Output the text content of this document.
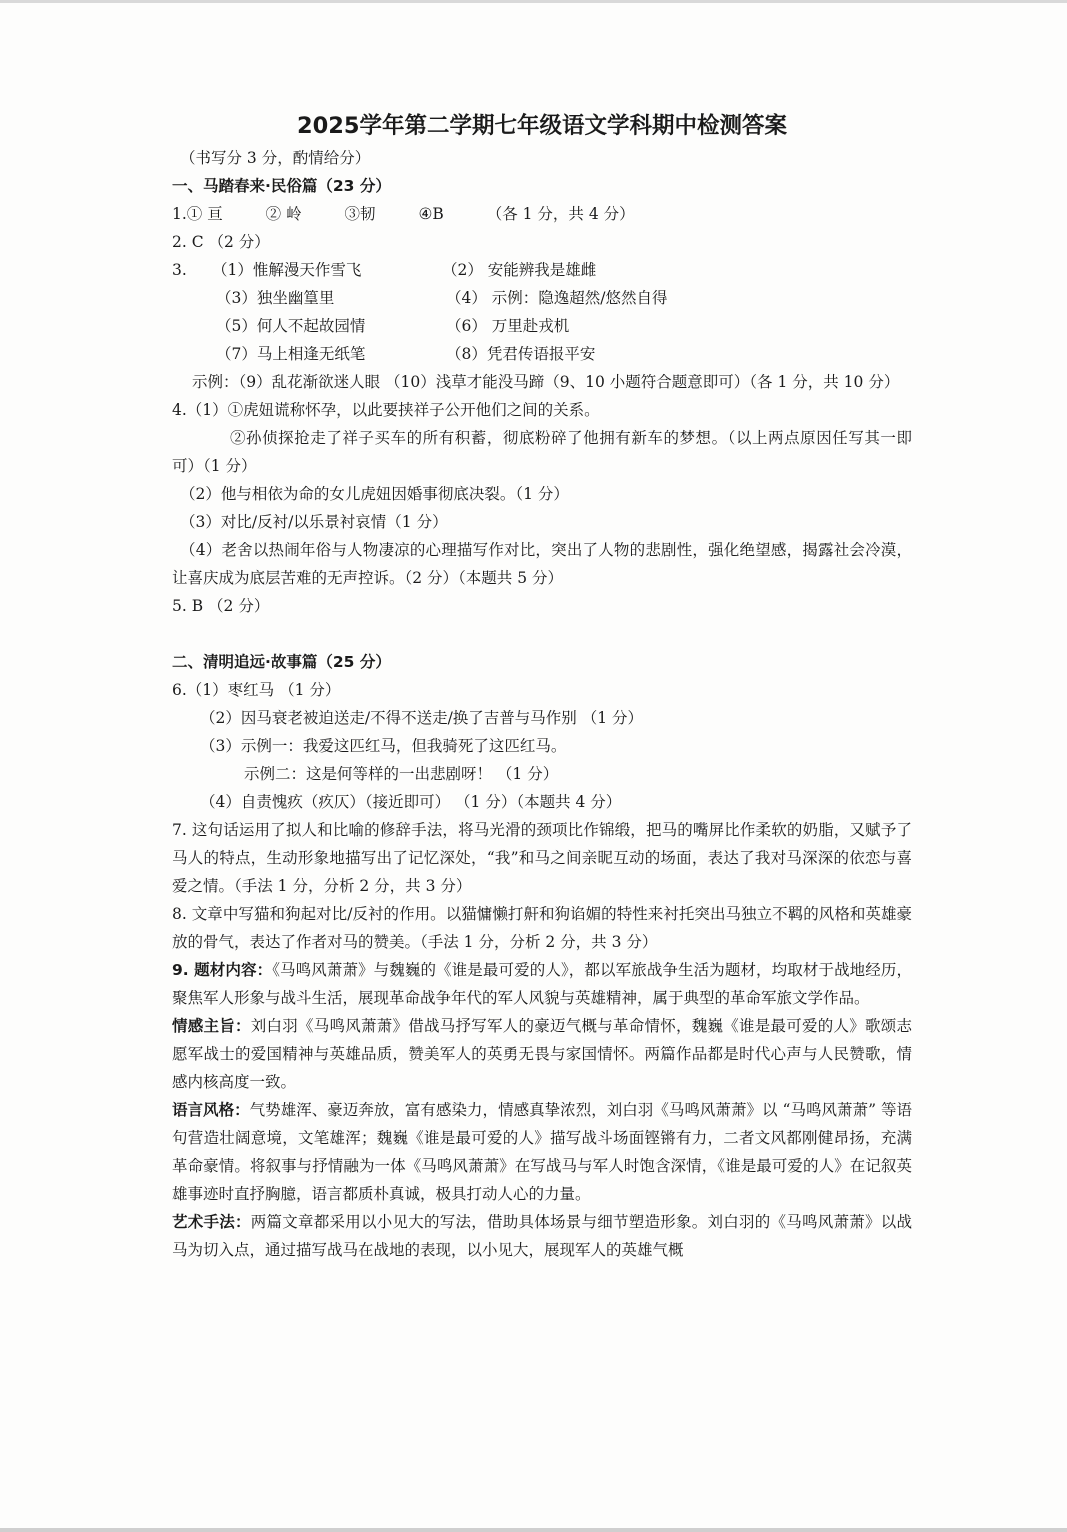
2025学年第二学期七年级语文学科期中检测答案
（书写分 3 分，酌情给分）
一、马踏春来·民俗篇（23 分）
1.① 亘	② 岭	③韧	④B	（各 1 分，共 4 分）
2. C （2 分）
3. （1）惟解漫天作雪飞	（2） 安能辨我是雄雌
（3）独坐幽篁里	（4） 示例：隐逸超然/悠然自得
（5）何人不起故园情	（6） 万里赴戎机
（7）马上相逢无纸笔	（8）凭君传语报平安

示例：（9）乱花渐欲迷人眼 （10）浅草才能没马蹄（9、10 小题符合题意即可）（各 1 分，共 10 分）

4.（1）①虎妞谎称怀孕，以此要挟祥子公开他们之间的关系。

②孙侦探抢走了祥子买车的所有积蓄，彻底粉碎了他拥有新车的梦想。（以上两点原因任写其一即可）（1 分）

（2）他与相依为命的女儿虎妞因婚事彻底决裂。（1 分）
（3）对比/反衬/以乐景衬哀情（1 分）

（4）老舍以热闹年俗与人物凄凉的心理描写作对比，突出了人物的悲剧性，强化绝望感，揭露社会冷漠，让喜庆成为底层苦难的无声控诉。（2 分）（本题共 5 分）

5. B （2 分）
二、清明追远·故事篇（25 分）
6.（1）枣红马 （1 分）
（2）因马衰老被迫送走/不得不送走/换了吉普与马作别 （1 分）
（3）示例一：我爱这匹红马，但我骑死了这匹红马。
示例二：这是何等样的一出悲剧呀！ （1 分）
（4）自责愧疚（疚仄）（接近即可） （1 分）（本题共 4 分）

7. 这句话运用了拟人和比喻的修辞手法，将马光滑的颈项比作锦缎，把马的嘴屏比作柔软的奶脂，又赋予了马人的特点，生动形象地描写出了记忆深处，“我”和马之间亲昵互动的场面，表达了我对马深深的依恋与喜爱之情。（手法 1 分，分析 2 分，共 3 分）

8. 文章中写猫和狗起对比/反衬的作用。以猫慵懒打鼾和狗谄媚的特性来衬托突出马独立不羁的风格和英雄豪放的骨气，表达了作者对马的赞美。（手法 1 分，分析 2 分，共 3 分）

9. 题材内容：《马鸣风萧萧》与魏巍的《谁是最可爱的人》，都以军旅战争生活为题材，均取材于战地经历，聚焦军人形象与战斗生活，展现革命战争年代的军人风貌与英雄精神，属于典型的革命军旅文学作品。

情感主旨：刘白羽《马鸣风萧萧》借战马抒写军人的豪迈气概与革命情怀，魏巍《谁是最可爱的人》歌颂志愿军战士的爱国精神与英雄品质，赞美军人的英勇无畏与家国情怀。两篇作品都是时代心声与人民赞歌，情感内核高度一致。

语言风格：气势雄浑、豪迈奔放，富有感染力，情感真挚浓烈，刘白羽《马鸣风萧萧》以 “马鸣风萧萧” 等语句营造壮阔意境，文笔雄浑；魏巍《谁是最可爱的人》描写战斗场面铿锵有力，二者文风都刚健昂扬，充满革命豪情。将叙事与抒情融为一体《马鸣风萧萧》在写战马与军人时饱含深情，《谁是最可爱的人》在记叙英雄事迹时直抒胸臆，语言都质朴真诚，极具打动人心的力量。

艺术手法：两篇文章都采用以小见大的写法，借助具体场景与细节塑造形象。刘白羽的《马鸣风萧萧》以战马为切入点，通过描写战马在战地的表现，以小见大，展现军人的英雄气概
